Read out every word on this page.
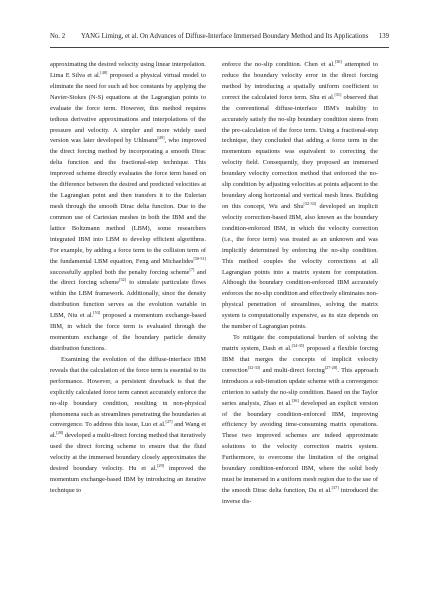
No. 2 YANG Liming, et al. On Advances of Diffuse-Interface Immersed Boundary Method and Its Applications 139

approximating the desired velocity using linear interpolation. Lima E Silva et al.[48] proposed a physical virtual model to eliminate the need for such ad hoc constants by applying the Navier-Stokes (N-S) equations at the Lagrangian points to evaluate the force term. However, this method requires tedious derivative approximations and interpolations of the pressure and velocity. A simpler and more widely used version was later developed by Uhlmann[49], who improved the direct forcing method by incorporating a smooth Dirac delta function and the fractional-step technique. This improved scheme directly evaluates the force term based on the difference between the desired and predicted velocities at the Lagrangian point and then transfers it to the Eulerian mesh through the smooth Dirac delta function. Due to the common use of Cartesian meshes in both the IBM and the lattice Boltzmann method (LBM), some researchers integrated IBM into LBM to develop efficient algorithms. For example, by adding a force term to the collision term of the fundamental LBM equation, Feng and Michaelides[50-51] successfully applied both the penalty forcing scheme[7] and the direct forcing scheme[52] to simulate particulate flows within the LBM framework. Additionally, since the density distribution function serves as the evolution variable in LBM, Niu et al.[53] proposed a momentum exchange-based IBM, in which the force term is evaluated through the momentum exchange of the boundary particle density distribution functions.

Examining the evolution of the diffuse-interface IBM reveals that the calculation of the force term is essential to its performance. However, a persistent drawback is that the explicitly calculated force term cannot accurately enforce the no-slip boundary condition, resulting in non-physical phenomena such as streamlines penetrating the boundaries at convergence. To address this issue, Luo et al.[27] and Wang et al.[28] developed a multi-direct forcing method that iteratively used the direct forcing scheme to ensure that the fluid velocity at the immersed boundary closely approximates the desired boundary velocity. Hu et al.[29] improved the momentum exchange-based IBM by introducing an iterative technique to

enforce the no-slip condition. Chen et al.[30] attempted to reduce the boundary velocity error in the direct forcing method by introducing a spatially uniform coefficient to correct the calculated force term. Shu et al.[31] observed that the conventional diffuse-interface IBM's inability to accurately satisfy the no-slip boundary condition stems from the pre-calculation of the force term. Using a fractional-step technique, they concluded that adding a force term in the momentum equations was equivalent to correcting the velocity field. Consequently, they proposed an immersed boundary velocity correction method that enforced the no-slip condition by adjusting velocities at points adjacent to the boundary along horizontal and vertical mesh lines. Building on this concept, Wu and Shu[32-33] developed an implicit velocity correction-based IBM, also known as the boundary condition-enforced IBM, in which the velocity correction (i.e., the force term) was treated as an unknown and was implicitly determined by enforcing the no-slip condition. This method couples the velocity corrections at all Lagrangian points into a matrix system for computation. Although the boundary condition-enforced IBM accurately enforces the no-slip condition and effectively eliminates non-physical penetration of streamlines, solving the matrix system is computationally expensive, as its size depends on the number of Lagrangian points.

To mitigate the computational burden of solving the matrix system, Dash et al.[34-35] proposed a flexible forcing IBM that merges the concepts of implicit velocity correction[32-33] and multi-direct forcing[27-28]. This approach introduces a sub-iteration update scheme with a convergence criterion to satisfy the no-slip condition. Based on the Taylor series analysis, Zhao et al.[36] developed an explicit version of the boundary condition-enforced IBM, improving efficiency by avoiding time-consuming matrix operations. These two improved schemes are indeed approximate solutions to the velocity correction matrix system. Furthermore, to overcome the limitation of the original boundary condition-enforced IBM, where the solid body must be immersed in a uniform mesh region due to the use of the smooth Dirac delta function, Du et al.[37] introduced the inverse dis-
